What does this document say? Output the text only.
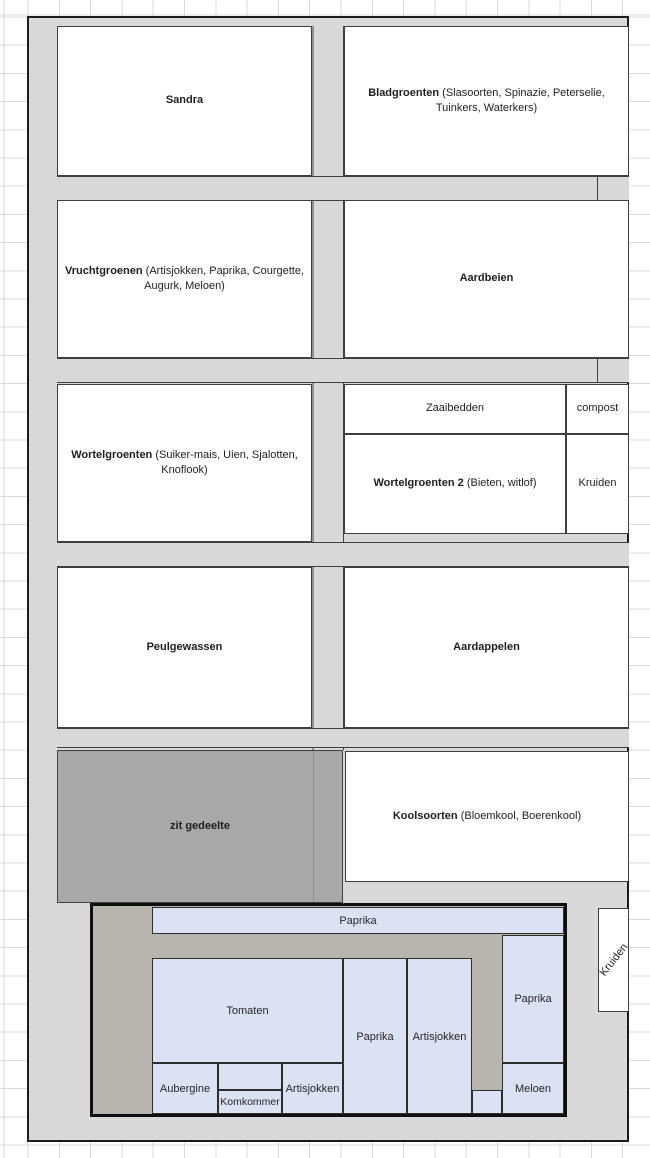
Sandra
Bladgroenten (Slasoorten, Spinazie, Peterselie, Tuinkers, Waterkers)
Vruchtgroenen (Artisjokken, Paprika, Courgette, Augurk, Meloen)
Aardbeien
Wortelgroenten (Suiker-mais, Uien, Sjalotten, Knoflook)
Zaaibedden	compost
Wortelgroenten 2 (Bieten, witlof)	Kruiden
Peulgewassen	Aardappelen
zit gedeelte
Koolsoorten (Bloemkool, Boerenkool)
Paprika
Tomaten
Aubergine
Komkommer
Artisjokken
Paprika Artisjokken
Paprika
Meloen
Kruiden
